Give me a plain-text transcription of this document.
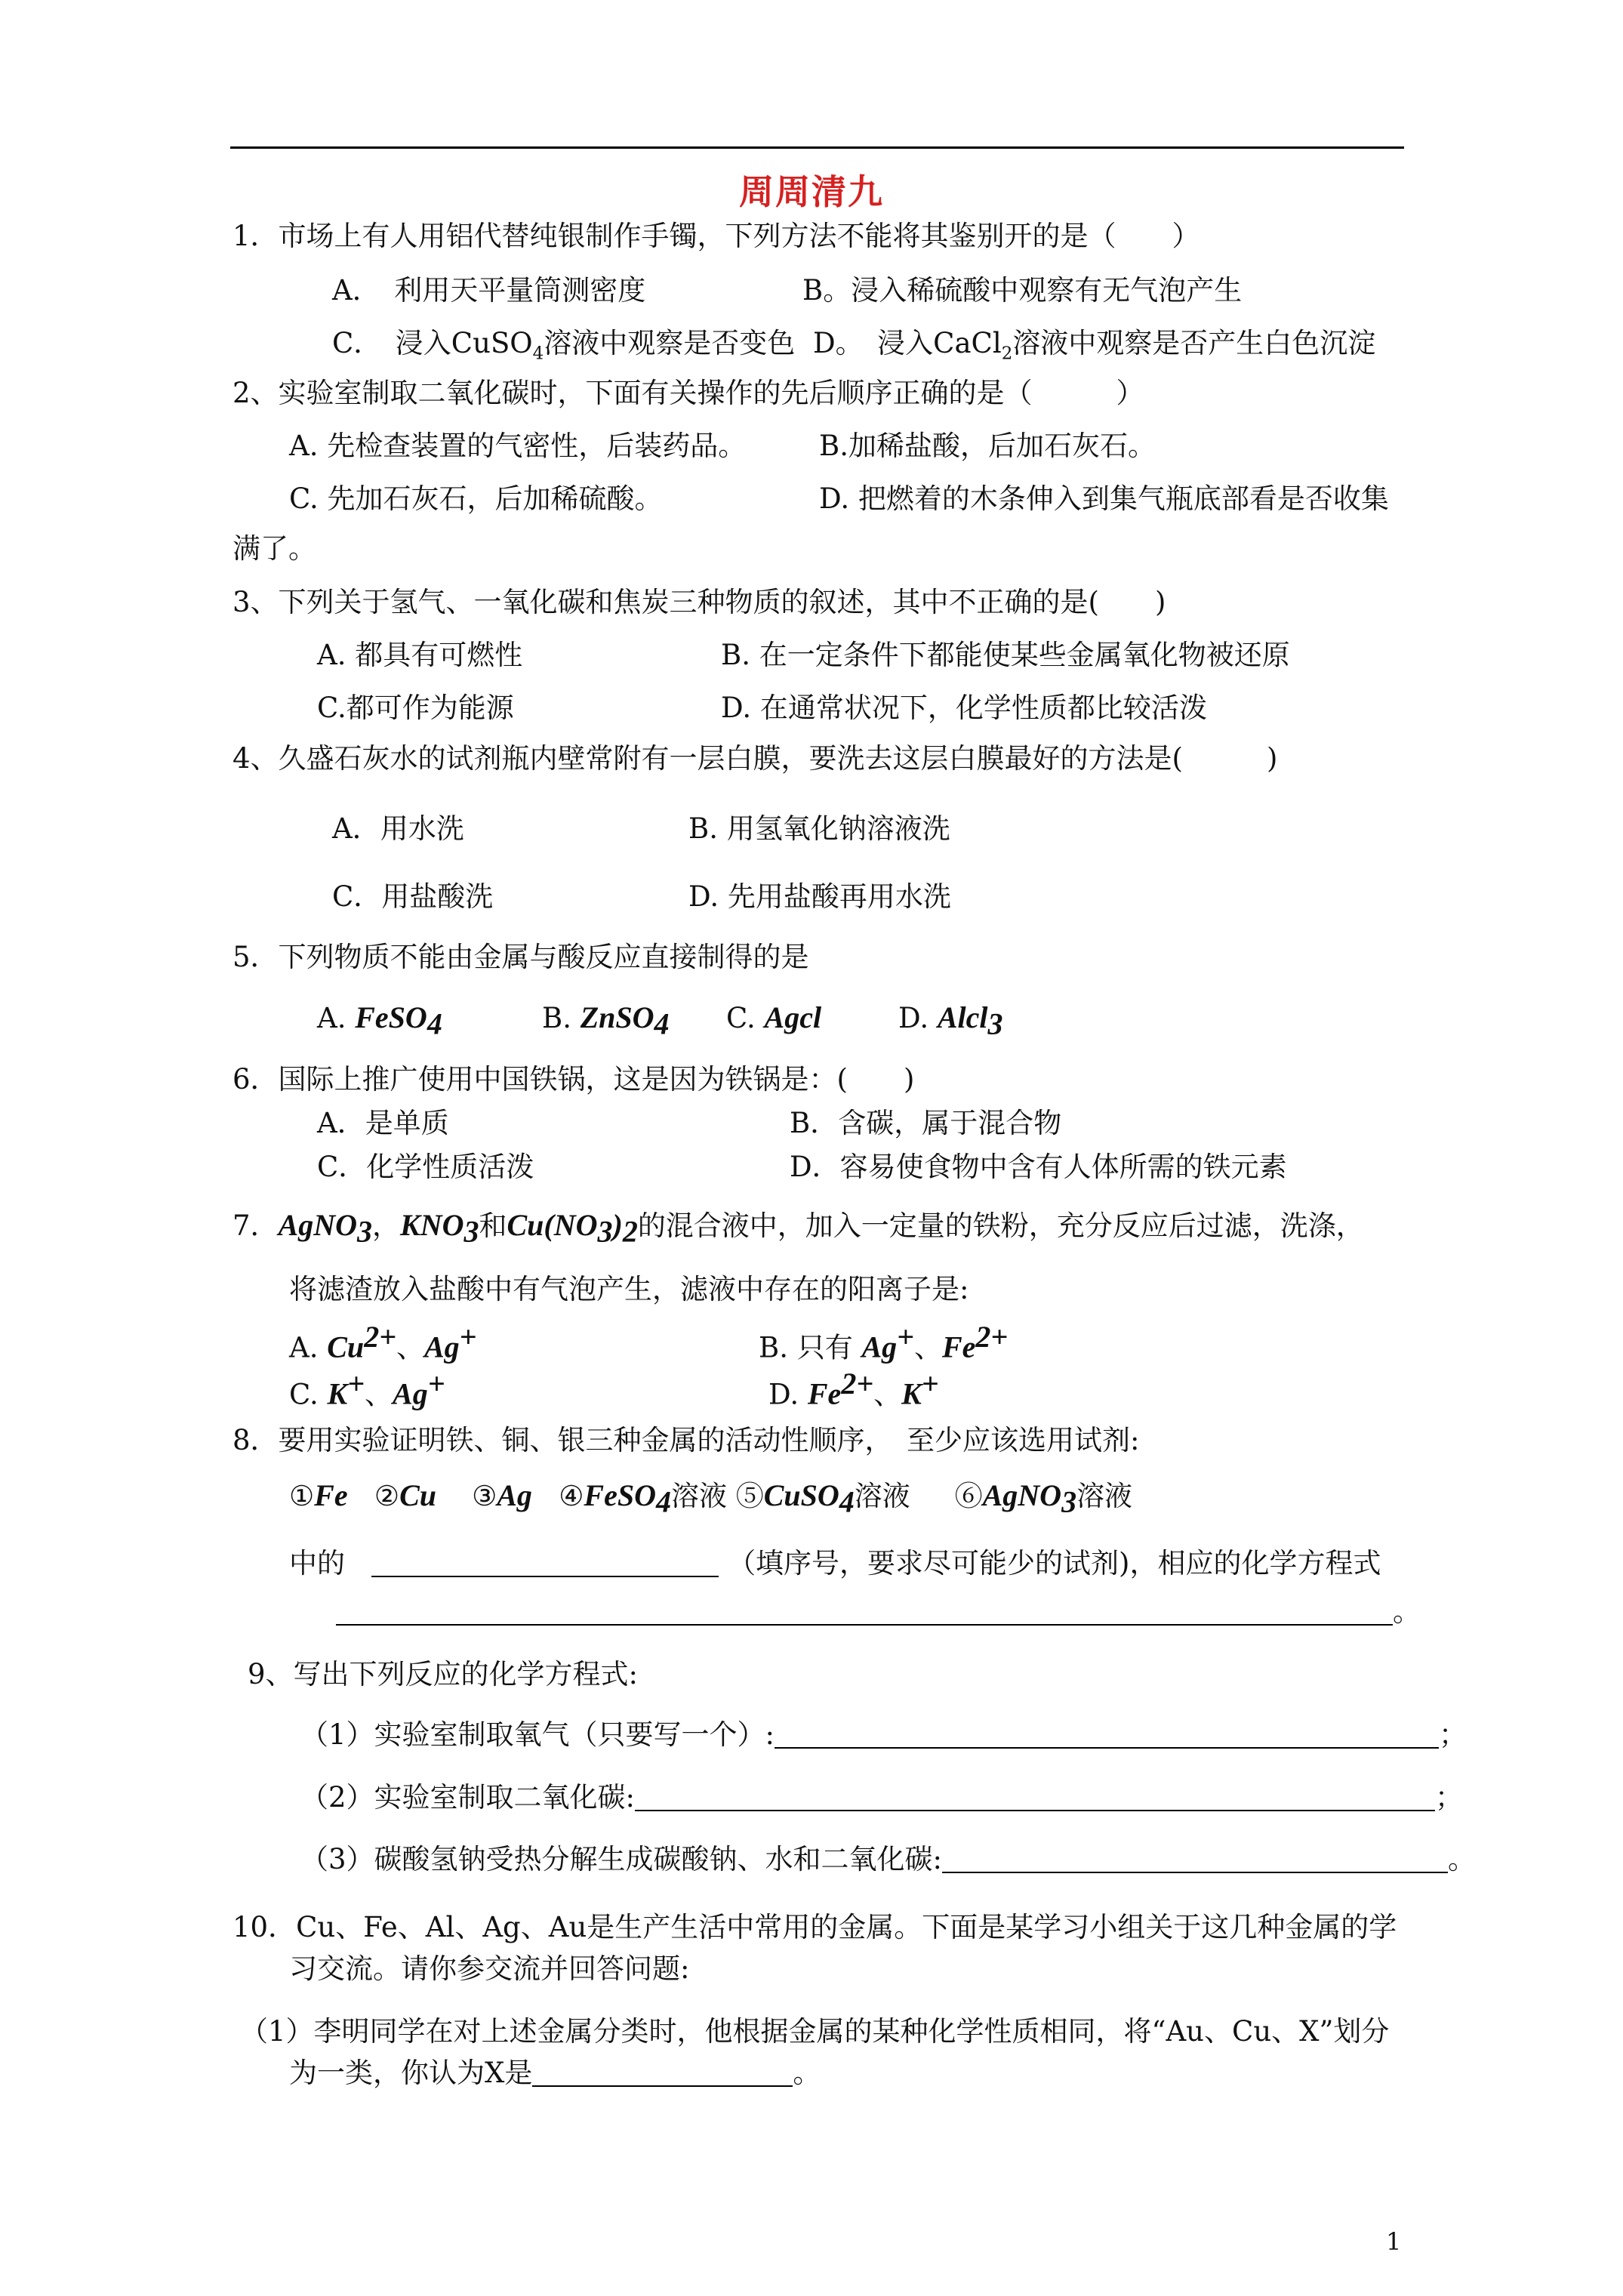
周周清九
1．市场上有人用铝代替纯银制作手镯，下列方法不能将其鉴别开的是（　　）
A．　利用天平量筒测密度	B。浸入稀硫酸中观察有无气泡产生
C．　浸入CuSO$_4$溶液中观察是否变色 D。　浸入CaCl$_2$溶液中观察是否产生白色沉淀
2、实验室制取二氧化碳时，下面有关操作的先后顺序正确的是（　　　）
A. 先检查装置的气密性，后装药品。	B.加稀盐酸，后加石灰石。
C. 先加石灰石，后加稀硫酸。	D. 把燃着的木条伸入到集气瓶底部看是否收集
满了。
3、下列关于氢气、一氧化碳和焦炭三种物质的叙述，其中不正确的是(　　)
A. 都具有可燃性	B. 在一定条件下都能使某些金属氧化物被还原
C.都可作为能源	D. 在通常状况下，化学性质都比较活泼
4、久盛石灰水的试剂瓶内壁常附有一层白膜，要洗去这层白膜最好的方法是(　　　)
A．用水洗	B. 用氢氧化钠溶液洗
C．用盐酸洗	D. 先用盐酸再用水洗
5．下列物质不能由金属与酸反应直接制得的是
A. FeSO$_4$	B. ZnSO$_4$ C. Agcl	D. Alcl$_3$
6．国际上推广使用中国铁锅，这是因为铁锅是：(　　)
A．是单质	B．含碳，属于混合物
C．化学性质活泼	D．容易使食物中含有人体所需的铁元素
7．AgNO$_3$，$KNO_3$和$Cu(NO_3)_2$的混合液中，加入一定量的铁粉，充分反应后过滤，洗涤，
将滤渣放入盐酸中有气泡产生，滤液中存在的阳离子是:
A. $Cu^{2+}$、Ag+	B. 只有 Ag+、$Fe^{2+}$
C. K+、Ag+	D. $Fe^{2+}$、K+
8．要用实验证明铁、铜、银三种金属的活动性顺序，　至少应该选用试剂:
①Fe ②Cu ③Ag ④FeSO$_4$溶液 ⑤CuSO$_4$溶液 ⑥AgNO$_3$溶液
中的	（填序号，要求尽可能少的试剂)，相应的化学方程式
。
9、写出下列反应的化学方程式:
（1）实验室制取氧气（只要写一个）:	；
（2）实验室制取二氧化碳:	；
（3）碳酸氢钠受热分解生成碳酸钠、水和二氧化碳:	。
10．Cu、Fe、Al、Ag、Au是生产生活中常用的金属。下面是某学习小组关于这几种金属的学
习交流。请你参交流并回答问题:
（1）李明同学在对上述金属分类时，他根据金属的某种化学性质相同，将“Au、Cu、X”划分
为一类，你认为X是	。
1
